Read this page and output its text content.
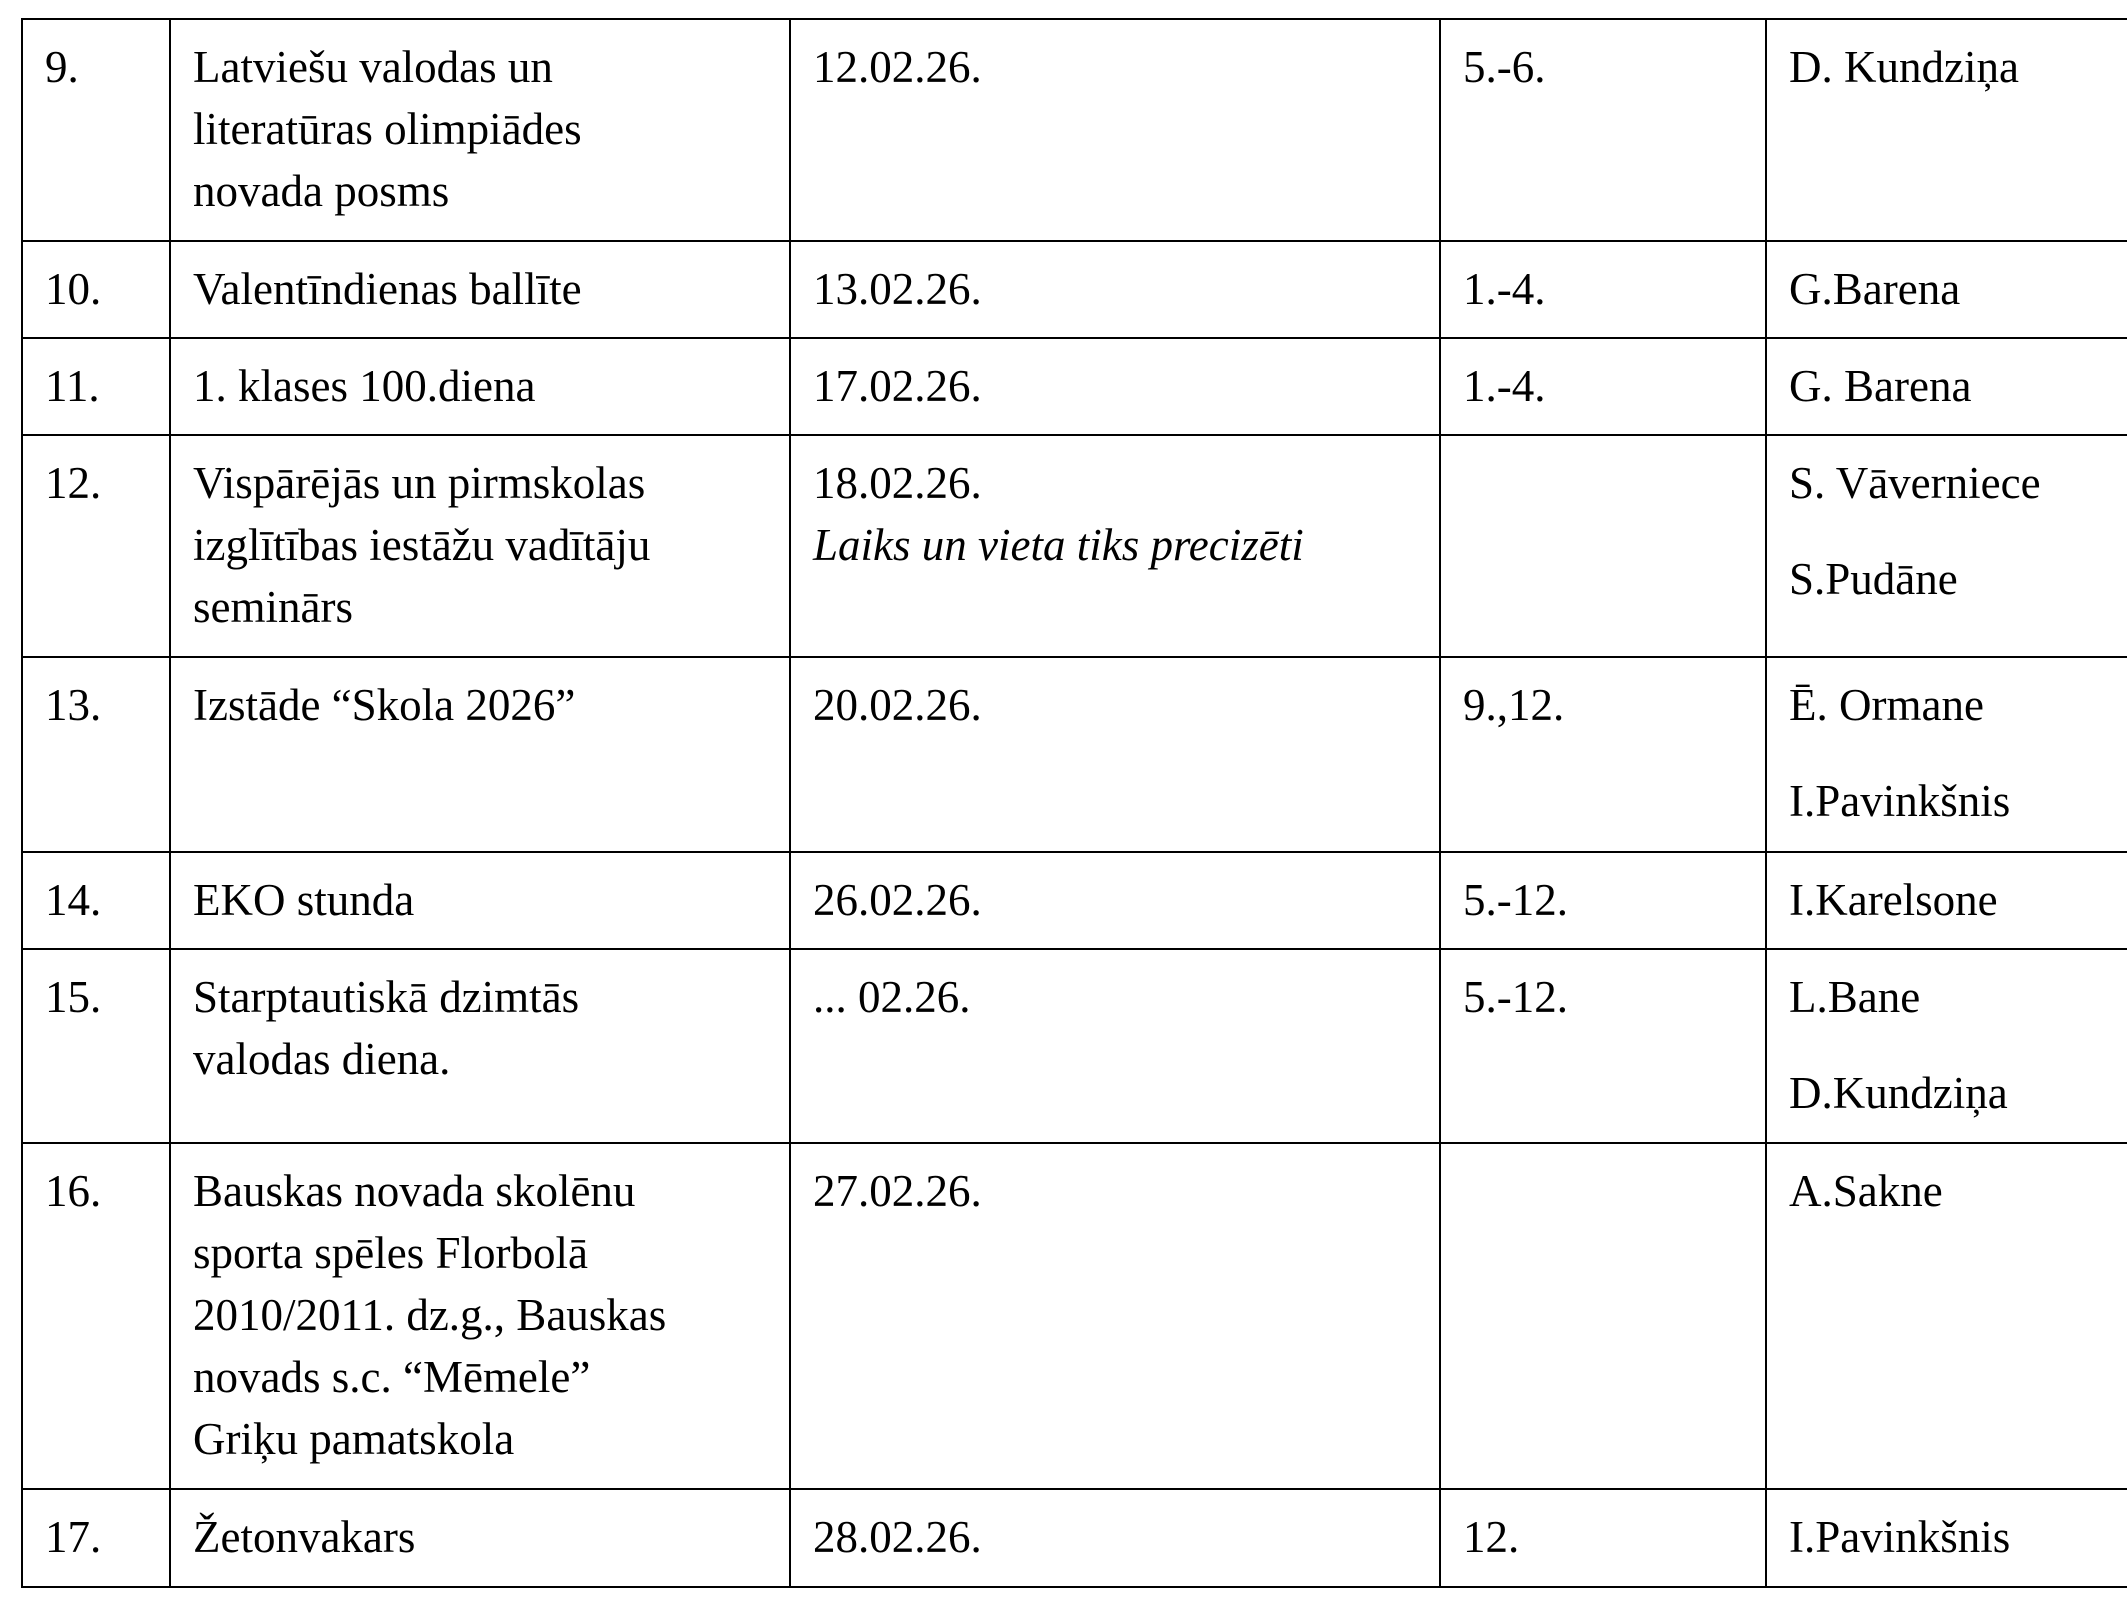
9.	Latviešu valodas un
literatūras olimpiādes
novada posms	12.02.26.	5.-6.	D. Kundziņa

10.	Valentīndienas ballīte	13.02.26.	1.-4.	G.Barena

11.	1. klases 100.diena	17.02.26.	1.-4.	G. Barena

12.	Vispārējās un pirmskolas
izglītības iestāžu vadītāju
seminārs	18.02.26.
Laiks un vieta tiks precizēti		S. Vāverniece
S.Pudāne

13.	Izstāde “Skola 2026”	20.02.26.	9.,12.	Ē. Ormane
I.Pavinkšnis

14.	EKO stunda	26.02.26.	5.-12.	I.Karelsone

15.	Starptautiskā dzimtās
valodas diena.	... 02.26.	5.-12.	L.Bane
D.Kundziņa

16.	Bauskas novada skolēnu
sporta spēles Florbolā
2010/2011. dz.g., Bauskas
novads s.c. “Mēmele”
Griķu pamatskola	27.02.26.		A.Sakne

17.	Žetonvakars	28.02.26.	12.	I.Pavinkšnis
